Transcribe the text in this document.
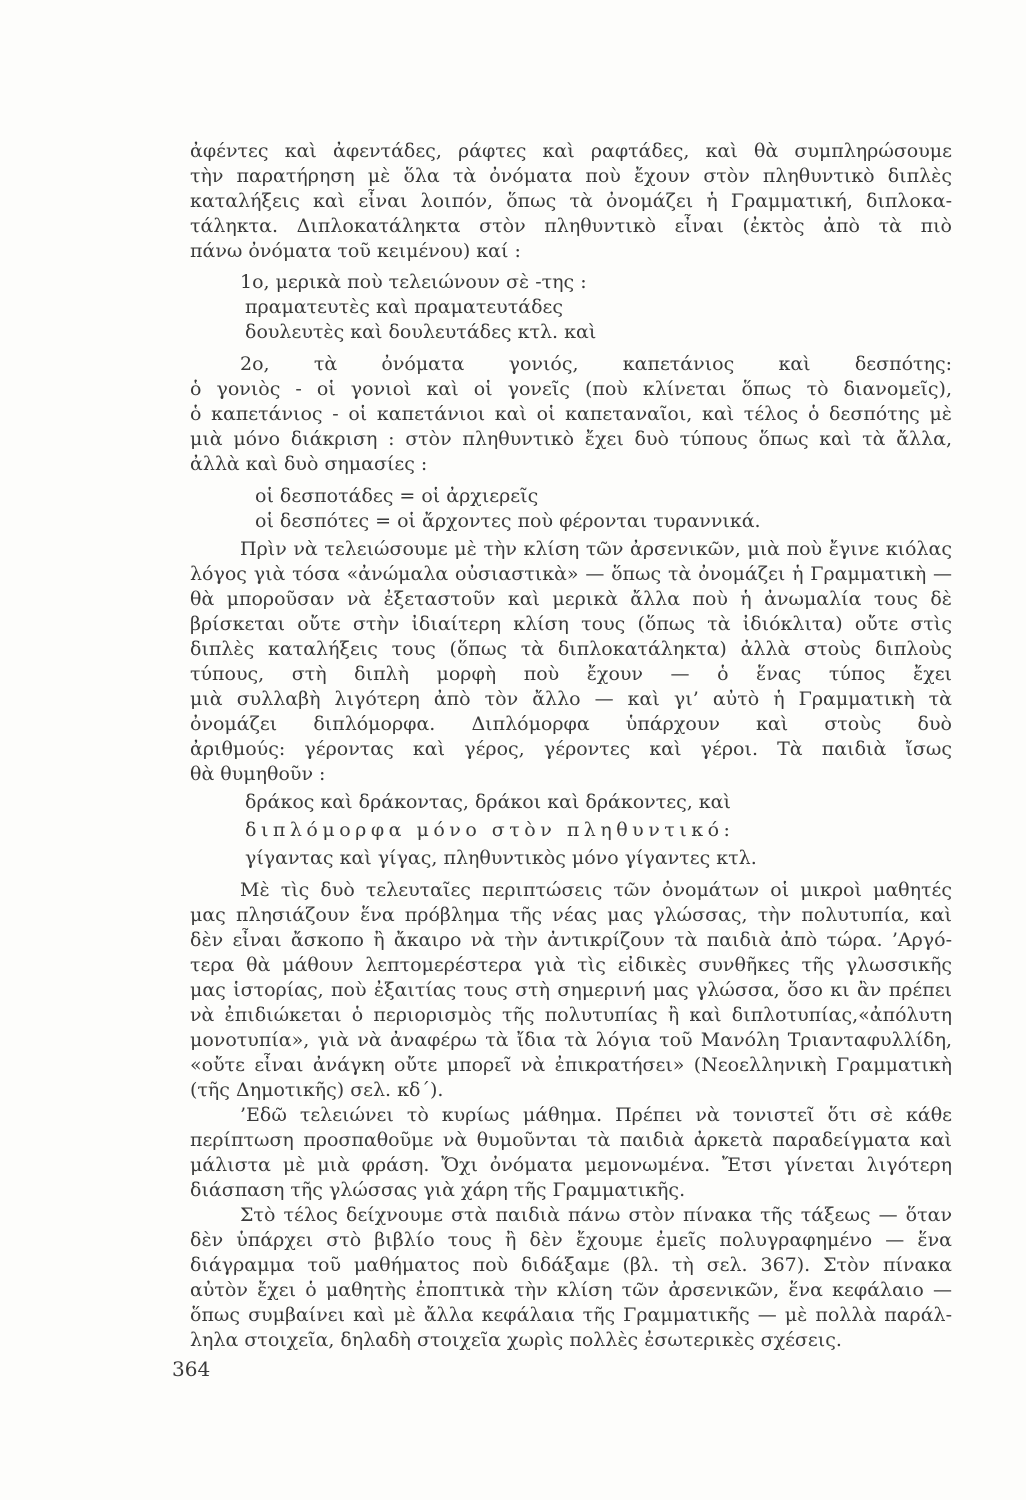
ἀφέντες καὶ ἀφεντάδες, ράφτες καὶ ραφτάδες, καὶ θὰ συμπληρώσουμε
τὴν παρατήρηση μὲ ὅλα τὰ ὀνόματα ποὺ ἔχουν στὸν πληθυντικὸ διπλὲς
καταλήξεις καὶ εἶναι λοιπόν, ὅπως τὰ ὀνομάζει ἡ Γραμματική, διπλοκα-
τάληκτα. Διπλοκατάληκτα στὸν πληθυντικὸ εἶναι (ἐκτὸς ἀπὸ τὰ πιὸ
πάνω ὀνόματα τοῦ κειμένου) καί :
1ο, μερικὰ ποὺ τελειώνουν σὲ -της :
πραματευτὲς καὶ πραματευτάδες
δουλευτὲς καὶ δουλευτάδες κτλ. καὶ
2ο, τὰ ὀνόματα γονιός, καπετάνιος καὶ δεσπότης:
ὁ γονιὸς - οἱ γονιοὶ καὶ οἱ γονεῖς (ποὺ κλίνεται ὅπως τὸ διανομεῖς),
ὁ καπετάνιος - οἱ καπετάνιοι καὶ οἱ καπεταναῖοι, καὶ τέλος ὁ δεσπότης μὲ
μιὰ μόνο διάκριση : στὸν πληθυντικὸ ἔχει δυὸ τύπους ὅπως καὶ τὰ ἄλλα,
ἀλλὰ καὶ δυὸ σημασίες :
οἱ δεσποτάδες = οἱ ἀρχιερεῖς
οἱ δεσπότες = οἱ ἄρχοντες ποὺ φέρονται τυραννικά.
Πρὶν νὰ τελειώσουμε μὲ τὴν κλίση τῶν ἀρσενικῶν, μιὰ ποὺ ἔγινε κιόλας
λόγος γιὰ τόσα «ἀνώμαλα οὐσιαστικὰ» — ὅπως τὰ ὀνομάζει ἡ Γραμματικὴ —
θὰ μποροῦσαν νὰ ἐξεταστοῦν καὶ μερικὰ ἄλλα ποὺ ἡ ἀνωμαλία τους δὲ
βρίσκεται οὔτε στὴν ἰδιαίτερη κλίση τους (ὅπως τὰ ἰδιόκλιτα) οὔτε στὶς
διπλὲς καταλήξεις τους (ὅπως τὰ διπλοκατάληκτα) ἀλλὰ στοὺς διπλοὺς
τύπους, στὴ διπλὴ μορφὴ ποὺ ἔχουν — ὁ ἕνας τύπος ἔχει
μιὰ συλλαβὴ λιγότερη ἀπὸ τὸν ἄλλο — καὶ γι’ αὐτὸ ἡ Γραμματικὴ τὰ
ὀνομάζει διπλόμορφα. Διπλόμορφα ὑπάρχουν καὶ στοὺς δυὸ
ἀριθμούς: γέροντας καὶ γέρος, γέροντες καὶ γέροι. Τὰ παιδιὰ ἴσως
θὰ θυμηθοῦν :
δράκος καὶ δράκοντας, δράκοι καὶ δράκοντες, καὶ
διπλόμορφα μόνο στὸν πληθυντικό:
γίγαντας καὶ γίγας, πληθυντικὸς μόνο γίγαντες κτλ.
Μὲ τὶς δυὸ τελευταῖες περιπτώσεις τῶν ὀνομάτων οἱ μικροὶ μαθητές
μας πλησιάζουν ἕνα πρόβλημα τῆς νέας μας γλώσσας, τὴν πολυτυπία, καὶ
δὲν εἶναι ἄσκοπο ἢ ἄκαιρο νὰ τὴν ἀντικρίζουν τὰ παιδιὰ ἀπὸ τώρα. ’Αργό-
τερα θὰ μάθουν λεπτομερέστερα γιὰ τὶς εἰδικὲς συνθῆκες τῆς γλωσσικῆς
μας ἱστορίας, ποὺ ἐξαιτίας τους στὴ σημερινή μας γλώσσα, ὅσο κι ἂν πρέπει
νὰ ἐπιδιώκεται ὁ περιορισμὸς τῆς πολυτυπίας ἢ καὶ διπλοτυπίας,«ἀπόλυτη
μονοτυπία», γιὰ νὰ ἀναφέρω τὰ ἴδια τὰ λόγια τοῦ Μανόλη Τριανταφυλλίδη,
«οὔτε εἶναι ἀνάγκη οὔτε μπορεῖ νὰ ἐπικρατήσει» (Νεοελληνικὴ Γραμματικὴ
(τῆς Δημοτικῆς) σελ. κδ΄).
’Εδῶ τελειώνει τὸ κυρίως μάθημα. Πρέπει νὰ τονιστεῖ ὅτι σὲ κάθε
περίπτωση προσπαθοῦμε νὰ θυμοῦνται τὰ παιδιὰ ἀρκετὰ παραδείγματα καὶ
μάλιστα μὲ μιὰ φράση. Ὄχι ὀνόματα μεμονωμένα. Ἔτσι γίνεται λιγότερη
διάσπαση τῆς γλώσσας γιὰ χάρη τῆς Γραμματικῆς.
Στὸ τέλος δείχνουμε στὰ παιδιὰ πάνω στὸν πίνακα τῆς τάξεως — ὅταν
δὲν ὑπάρχει στὸ βιβλίο τους ἢ δὲν ἔχουμε ἐμεῖς πολυγραφημένο — ἕνα
διάγραμμα τοῦ μαθήματος ποὺ διδάξαμε (βλ. τὴ σελ. 367). Στὸν πίνακα
αὐτὸν ἔχει ὁ μαθητὴς ἐποπτικὰ τὴν κλίση τῶν ἀρσενικῶν, ἕνα κεφάλαιο —
ὅπως συμβαίνει καὶ μὲ ἄλλα κεφάλαια τῆς Γραμματικῆς — μὲ πολλὰ παράλ-
ληλα στοιχεῖα, δηλαδὴ στοιχεῖα χωρὶς πολλὲς ἐσωτερικὲς σχέσεις.
364
